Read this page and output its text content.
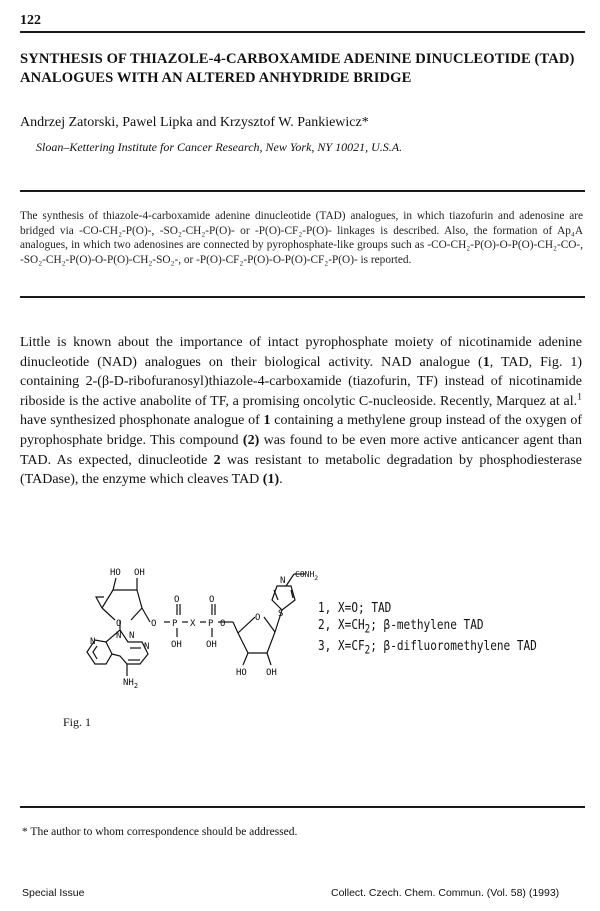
122
SYNTHESIS OF THIAZOLE-4-CARBOXAMIDE ADENINE DINUCLEOTIDE (TAD) ANALOGUES WITH AN ALTERED ANHYDRIDE BRIDGE
Andrzej Zatorski, Pawel Lipka and Krzysztof W. Pankiewicz*
Sloan–Kettering Institute for Cancer Research, New York, NY 10021, U.S.A.
The synthesis of thiazole-4-carboxamide adenine dinucleotide (TAD) analogues, in which tiazofurin and adenosine are bridged via -CO-CH₂-P(O)-, -SO₂-CH₂-P(O)- or -P(O)-CF₂-P(O)- linkages is described. Also, the formation of Ap₄A analogues, in which two adenosines are connected by pyrophosphate-like groups such as -CO-CH₂-P(O)-O-P(O)-CH₂-CO-, -SO₂-CH₂-P(O)-O-P(O)-CH₂-SO₂-, or -P(O)-CF₂-P(O)-O-P(O)-CF₂-P(O)- is reported.
Little is known about the importance of intact pyrophosphate moiety of nicotinamide adenine dinucleotide (NAD) analogues on their biological activity. NAD analogue (1, TAD, Fig. 1) containing 2-(β-D-ribofuranosyl)thiazole-4-carboxamide (tiazofurin, TF) instead of nicotinamide riboside is the active anabolite of TF, a promising oncolytic C-nucleoside. Recently, Marquez at al.$^1$ have synthesized phosphonate analogue of 1 containing a methylene group instead of the oxygen of pyrophosphate bridge. This compound (2) was found to be even more active anticancer agent than TAD. As expected, dinucleotide 2 was resistant to metabolic degradation by phosphodiesterase (TADase), the enzyme which cleaves TAD (1).
HO OH
O	O P
O
OH
X P
O
OH
O
O
HO OH
N N
N	N
$NH_2$
S
N
$CONH_2$
1, X=O; TAD
2, $X=CH_2$; β-methylene TAD
3, $X=CF_2$; β-difluoromethylene TAD
Fig. 1
* The author to whom correspondence should be addressed.
Special Issue	Collect. Czech. Chem. Commun. (Vol. 58) (1993)
